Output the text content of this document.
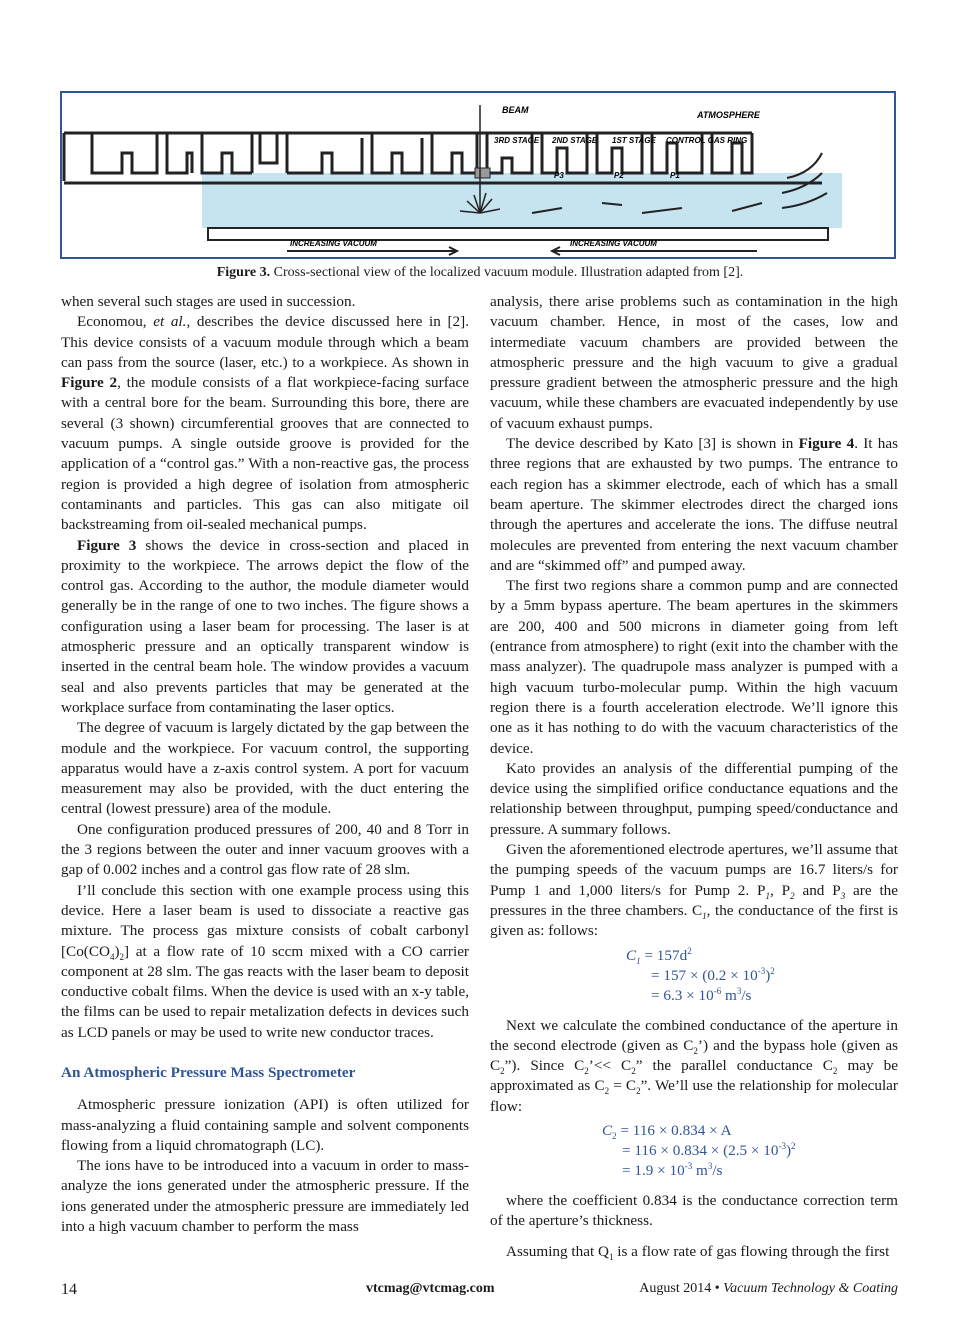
BEAM	ATMOSPHERE
3RD STAGE 2ND STAGE 1ST STAGE CONTROL GAS RING
P3	P2	P1
INCREASING VACUUM	INCREASING VACUUM
Figure 3. Cross-sectional view of the localized vacuum module. Illustration adapted from [2].

when several such stages are used in succession.

Economou, et al., describes the device discussed here in [2]. This device consists of a vacuum module through which a beam can pass from the source (laser, etc.) to a workpiece. As shown in Figure 2, the module consists of a flat workpiece-facing surface with a central bore for the beam. Surrounding this bore, there are several (3 shown) circumferential grooves that are connected to vacuum pumps. A single outside groove is provided for the application of a “control gas.” With a non-reactive gas, the process region is provided a high degree of isolation from atmospheric contaminants and particles. This gas can also mitigate oil backstreaming from oil-sealed mechanical pumps.

Figure 3 shows the device in cross-section and placed in proximity to the workpiece. The arrows depict the flow of the control gas. According to the author, the module diameter would generally be in the range of one to two inches. The figure shows a configuration using a laser beam for processing. The laser is at atmospheric pressure and an optically transparent window is inserted in the central beam hole. The window provides a vacuum seal and also prevents particles that may be generated at the workplace surface from contaminating the laser optics.

The degree of vacuum is largely dictated by the gap between the module and the workpiece. For vacuum control, the supporting apparatus would have a z-axis control system. A port for vacuum measurement may also be provided, with the duct entering the central (lowest pressure) area of the module.

One configuration produced pressures of 200, 40 and 8 Torr in the 3 regions between the outer and inner vacuum grooves with a gap of 0.002 inches and a control gas flow rate of 28 slm.

I’ll conclude this section with one example process using this device. Here a laser beam is used to dissociate a reactive gas mixture. The process gas mixture consists of cobalt carbonyl $[Co(CO_4)_2]$ at a flow rate of 10 sccm mixed with a CO carrier component at 28 slm. The gas reacts with the laser beam to deposit conductive cobalt films. When the device is used with an x-y table, the films can be used to repair metalization defects in devices such as LCD panels or may be used to write new conductor traces.

An Atmospheric Pressure Mass Spectrometer

Atmospheric pressure ionization (API) is often utilized for mass-analyzing a fluid containing sample and solvent components flowing from a liquid chromatograph (LC).

The ions have to be introduced into a vacuum in order to mass-analyze the ions generated under the atmospheric pressure. If the ions generated under the atmospheric pressure are immediately led into a high vacuum chamber to perform the mass

analysis, there arise problems such as contamination in the high vacuum chamber. Hence, in most of the cases, low and intermediate vacuum chambers are provided between the atmospheric pressure and the high vacuum to give a gradual pressure gradient between the atmospheric pressure and the high vacuum, while these chambers are evacuated independently by use of vacuum exhaust pumps.

The device described by Kato [3] is shown in Figure 4. It has three regions that are exhausted by two pumps. The entrance to each region has a skimmer electrode, each of which has a small beam aperture. The skimmer electrodes direct the charged ions through the apertures and accelerate the ions. The diffuse neutral molecules are prevented from entering the next vacuum chamber and are “skimmed off” and pumped away.

The first two regions share a common pump and are connected by a 5mm bypass aperture. The beam apertures in the skimmers are 200, 400 and 500 microns in diameter going from left (entrance from atmosphere) to right (exit into the chamber with the mass analyzer). The quadrupole mass analyzer is pumped with a high vacuum turbo-molecular pump. Within the high vacuum region there is a fourth acceleration electrode. We’ll ignore this one as it has nothing to do with the vacuum characteristics of the device.

Kato provides an analysis of the differential pumping of the device using the simplified orifice conductance equations and the relationship between throughput, pumping speed/conductance and pressure. A summary follows.

Given the aforementioned electrode apertures, we’ll assume that the pumping speeds of the vacuum pumps are 16.7 liters/s for Pump 1 and 1,000 liters/s for Pump 2. $P_1$, $P_2$ and $P_3$ are the pressures in the three chambers. $C_1$, the conductance of the first is given as: follows:

$C_1 = 157d^2$
= $157 \times (0.2 \times 10^{-3})^2$
= $6.3 \times 10^{-6}$ $m^3/s$

Next we calculate the combined conductance of the aperture in the second electrode (given as $C_2$’) and the bypass hole (given as $C_2$”). Since $C_2’<< C_2$” the parallel conductance $C_2$ may be approximated as $C_2 = C_2$”. We’ll use the relationship for molecular flow:

$C_2 = 116 \times 0.834 \times A$
= $116 \times 0.834 \times (2.5 \times 10^{-3})^2$
= $1.9 \times 10^{-3}$ $m^3/s$

where the coefficient 0.834 is the conductance correction term of the aperture’s thickness.

Assuming that $Q_1$ is a flow rate of gas flowing through the first

14	vtcmag@vtcmag.com	August 2014 • Vacuum Technology & Coating
